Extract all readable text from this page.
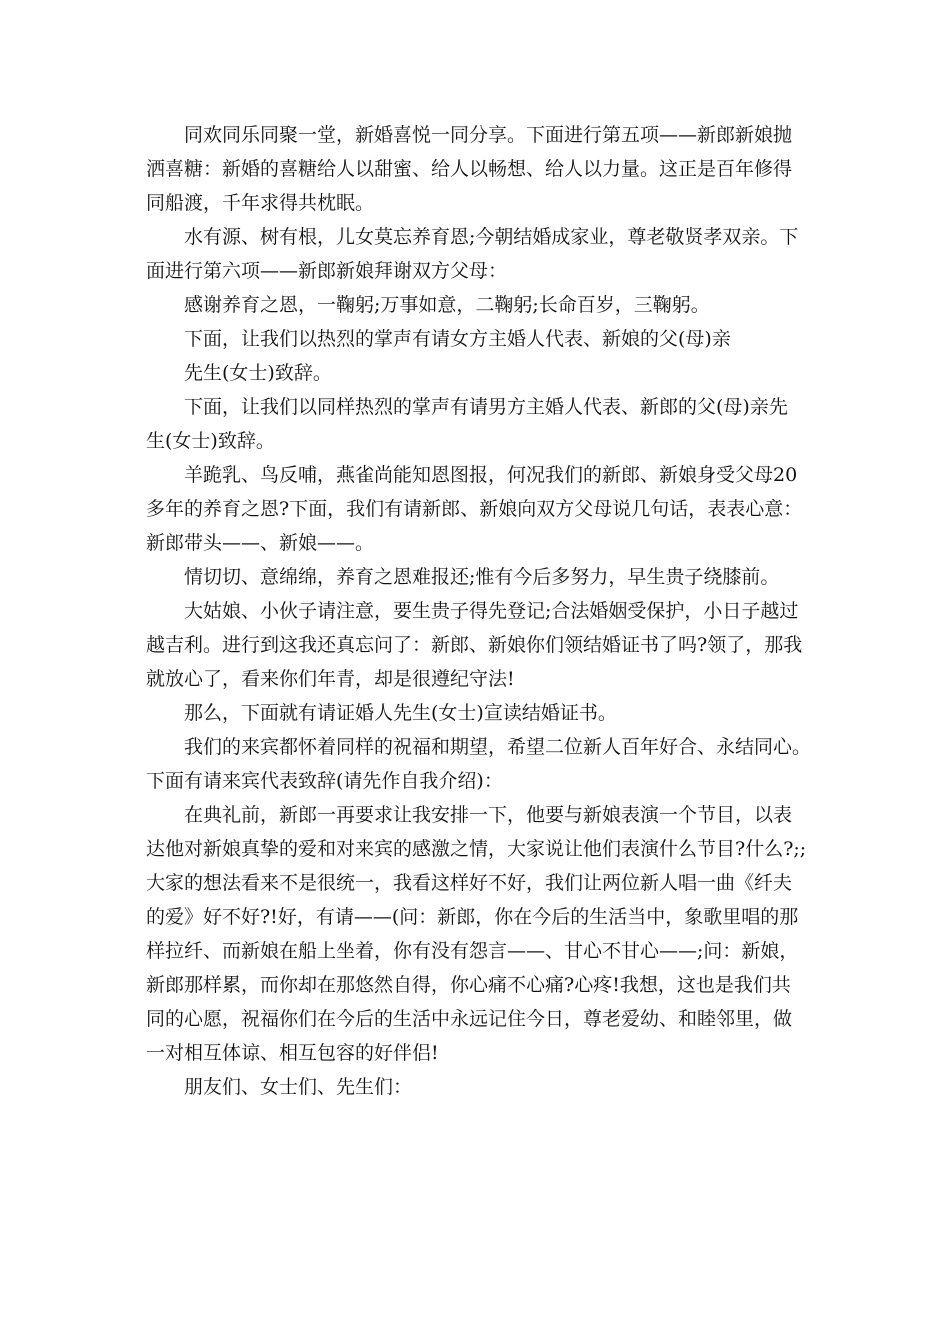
同欢同乐同聚一堂，新婚喜悦一同分享。下面进行第五项——新郎新娘抛
洒喜糖：新婚的喜糖给人以甜蜜、给人以畅想、给人以力量。这正是百年修得
同船渡，千年求得共枕眠。
水有源、树有根，儿女莫忘养育恩;今朝结婚成家业，尊老敬贤孝双亲。下
面进行第六项——新郎新娘拜谢双方父母：
感谢养育之恩，一鞠躬;万事如意，二鞠躬;长命百岁，三鞠躬。
下面，让我们以热烈的掌声有请女方主婚人代表、新娘的父(母)亲
先生(女士)致辞。
下面，让我们以同样热烈的掌声有请男方主婚人代表、新郎的父(母)亲先
生(女士)致辞。
羊跪乳、鸟反哺，燕雀尚能知恩图报，何况我们的新郎、新娘身受父母20
多年的养育之恩?下面，我们有请新郎、新娘向双方父母说几句话，表表心意：
新郎带头——、新娘——。
情切切、意绵绵，养育之恩难报还;惟有今后多努力，早生贵子绕膝前。
大姑娘、小伙子请注意，要生贵子得先登记;合法婚姻受保护，小日子越过
越吉利。进行到这我还真忘问了：新郎、新娘你们领结婚证书了吗?领了，那我
就放心了，看来你们年青，却是很遵纪守法!
那么，下面就有请证婚人先生(女士)宣读结婚证书。
我们的来宾都怀着同样的祝福和期望，希望二位新人百年好合、永结同心。
下面有请来宾代表致辞(请先作自我介绍)：
在典礼前，新郎一再要求让我安排一下，他要与新娘表演一个节目，以表
达他对新娘真挚的爱和对来宾的感激之情，大家说让他们表演什么节目?什么?;;
大家的想法看来不是很统一，我看这样好不好，我们让两位新人唱一曲《纤夫
的爱》好不好?!好，有请——(问：新郎，你在今后的生活当中，象歌里唱的那
样拉纤、而新娘在船上坐着，你有没有怨言——、甘心不甘心——;问：新娘，
新郎那样累，而你却在那悠然自得，你心痛不心痛?心疼!我想，这也是我们共
同的心愿，祝福你们在今后的生活中永远记住今日，尊老爱幼、和睦邻里，做
一对相互体谅、相互包容的好伴侣!
朋友们、女士们、先生们：
